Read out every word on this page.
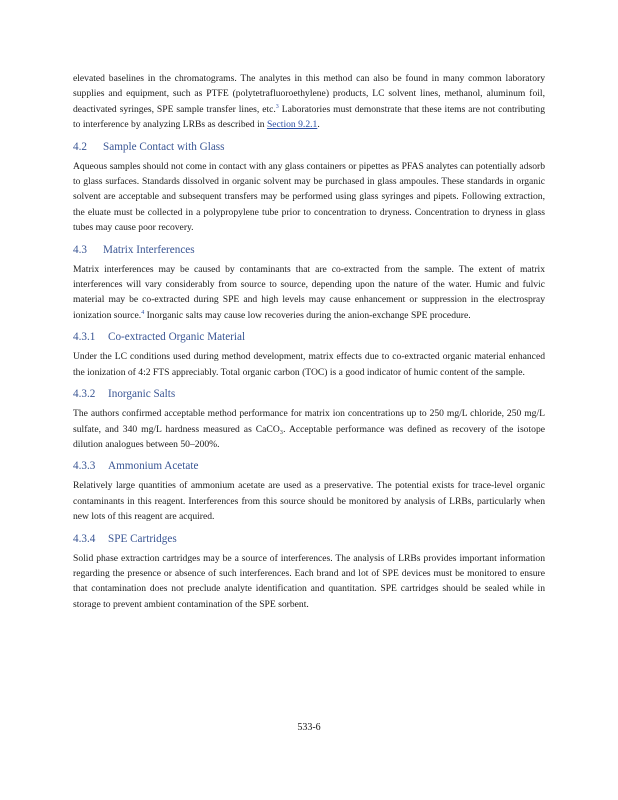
elevated baselines in the chromatograms. The analytes in this method can also be found in many common laboratory supplies and equipment, such as PTFE (polytetrafluoroethylene) products, LC solvent lines, methanol, aluminum foil, deactivated syringes, SPE sample transfer lines, etc.$^3$ Laboratories must demonstrate that these items are not contributing to interference by analyzing LRBs as described in Section 9.2.1.

4.2	Sample Contact with Glass

Aqueous samples should not come in contact with any glass containers or pipettes as PFAS analytes can potentially adsorb to glass surfaces. Standards dissolved in organic solvent may be purchased in glass ampoules. These standards in organic solvent are acceptable and subsequent transfers may be performed using glass syringes and pipets. Following extraction, the eluate must be collected in a polypropylene tube prior to concentration to dryness. Concentration to dryness in glass tubes may cause poor recovery.

4.3	Matrix Interferences

Matrix interferences may be caused by contaminants that are co-extracted from the sample. The extent of matrix interferences will vary considerably from source to source, depending upon the nature of the water. Humic and fulvic material may be co-extracted during SPE and high levels may cause enhancement or suppression in the electrospray ionization source.$^4$ Inorganic salts may cause low recoveries during the anion-exchange SPE procedure.

4.3.1	Co-extracted Organic Material

Under the LC conditions used during method development, matrix effects due to co-extracted organic material enhanced the ionization of 4:2 FTS appreciably. Total organic carbon (TOC) is a good indicator of humic content of the sample.

4.3.2	Inorganic Salts

The authors confirmed acceptable method performance for matrix ion concentrations up to 250 mg/L chloride, 250 mg/L sulfate, and 340 mg/L hardness measured as CaCO₃. Acceptable performance was defined as recovery of the isotope dilution analogues between 50–200%.

4.3.3	Ammonium Acetate

Relatively large quantities of ammonium acetate are used as a preservative. The potential exists for trace-level organic contaminants in this reagent. Interferences from this source should be monitored by analysis of LRBs, particularly when new lots of this reagent are acquired.

4.3.4	SPE Cartridges

Solid phase extraction cartridges may be a source of interferences. The analysis of LRBs provides important information regarding the presence or absence of such interferences. Each brand and lot of SPE devices must be monitored to ensure that contamination does not preclude analyte identification and quantitation. SPE cartridges should be sealed while in storage to prevent ambient contamination of the SPE sorbent.

533-6
